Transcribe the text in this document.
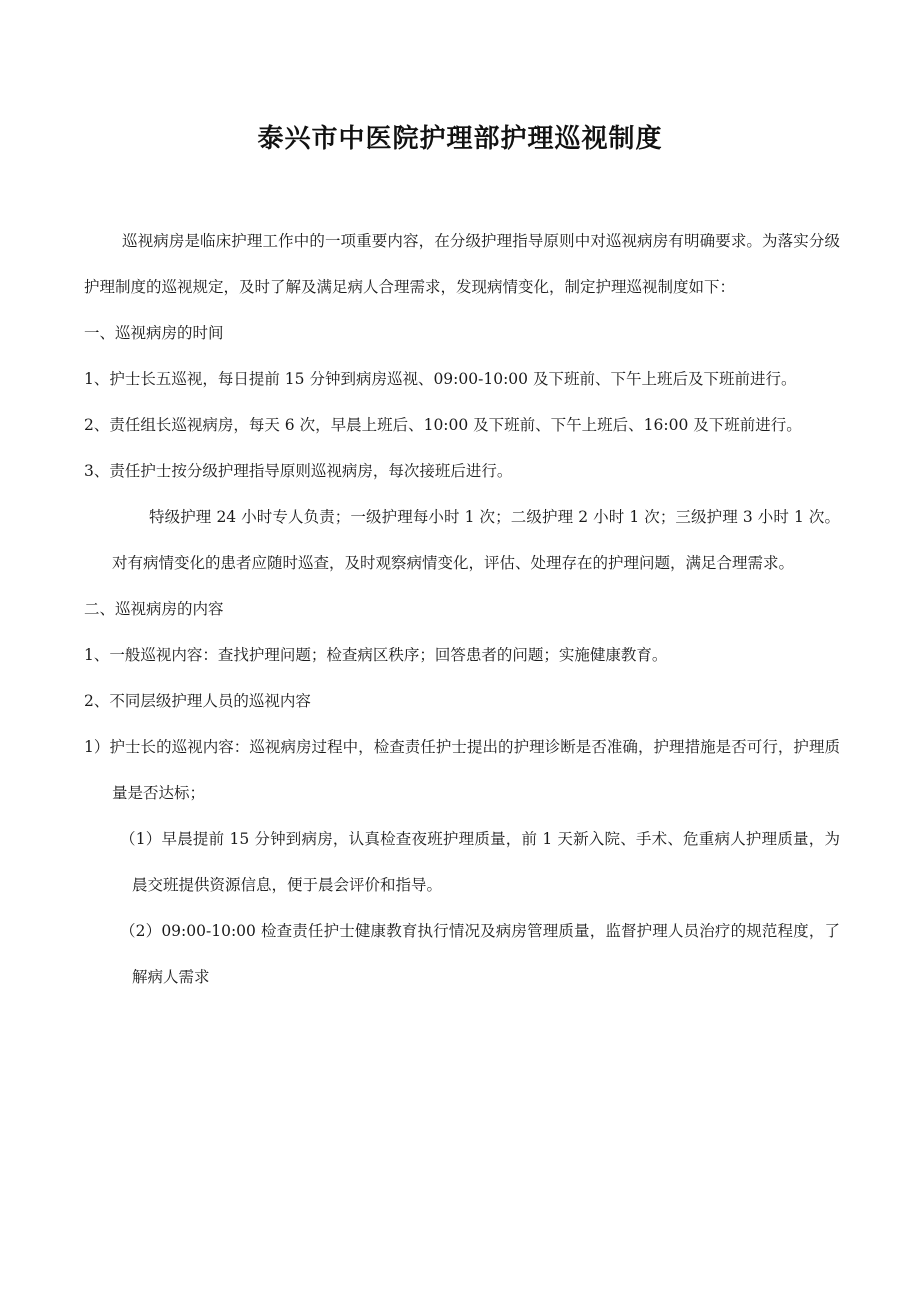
泰兴市中医院护理部护理巡视制度

巡视病房是临床护理工作中的一项重要内容，在分级护理指导原则中对巡视病房有明确要求。为落实分级护理制度的巡视规定，及时了解及满足病人合理需求，发现病情变化，制定护理巡视制度如下：

一、巡视病房的时间

1、护士长五巡视，每日提前 15 分钟到病房巡视、09:00-10:00 及下班前、下午上班后及下班前进行。

2、责任组长巡视病房，每天 6 次，早晨上班后、10:00 及下班前、下午上班后、16:00 及下班前进行。

3、责任护士按分级护理指导原则巡视病房，每次接班后进行。

特级护理 24 小时专人负责；一级护理每小时 1 次；二级护理 2 小时 1 次；三级护理 3 小时 1 次。对有病情变化的患者应随时巡查，及时观察病情变化，评估、处理存在的护理问题，满足合理需求。

二、巡视病房的内容

1、一般巡视内容：查找护理问题；检查病区秩序；回答患者的问题；实施健康教育。

2、不同层级护理人员的巡视内容

1）护士长的巡视内容：巡视病房过程中，检查责任护士提出的护理诊断是否准确，护理措施是否可行，护理质量是否达标；

（1）早晨提前 15 分钟到病房，认真检查夜班护理质量，前 1 天新入院、手术、危重病人护理质量，为晨交班提供资源信息，便于晨会评价和指导。

（2）09:00-10:00 检查责任护士健康教育执行情况及病房管理质量，监督护理人员治疗的规范程度，了解病人需求
